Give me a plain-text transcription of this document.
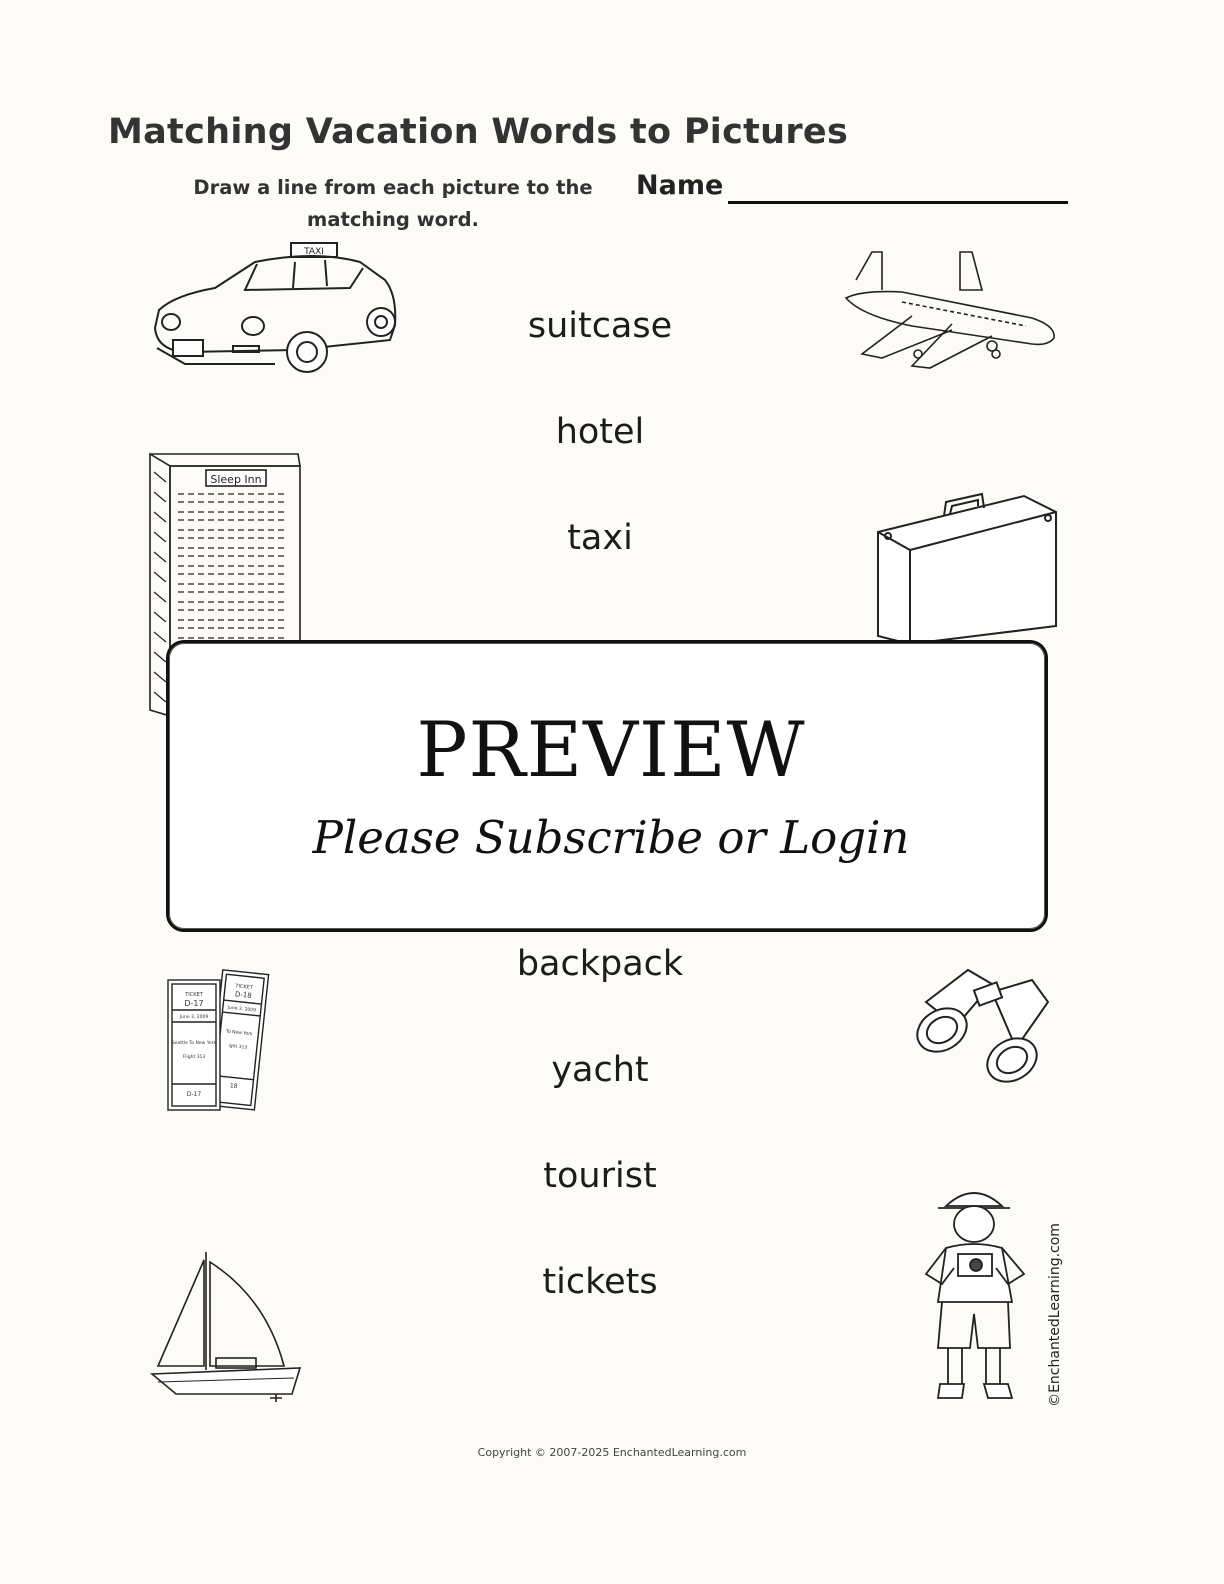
Matching Vacation Words to Pictures
Draw a line from each picture to the matching word.
Name
suitcase
hotel
taxi
backpack
yacht
tourist
tickets
TAXI
Sleep Inn
TICKET
D-18
June 3, 2009
To New York
ight 313
18
TICKET
D-17
June 3, 2009
Seattle To New York
Flight 313
D-17
©EnchantedLearning.com
PREVIEW
Please Subscribe or Login
Copyright © 2007-2025 EnchantedLearning.com
